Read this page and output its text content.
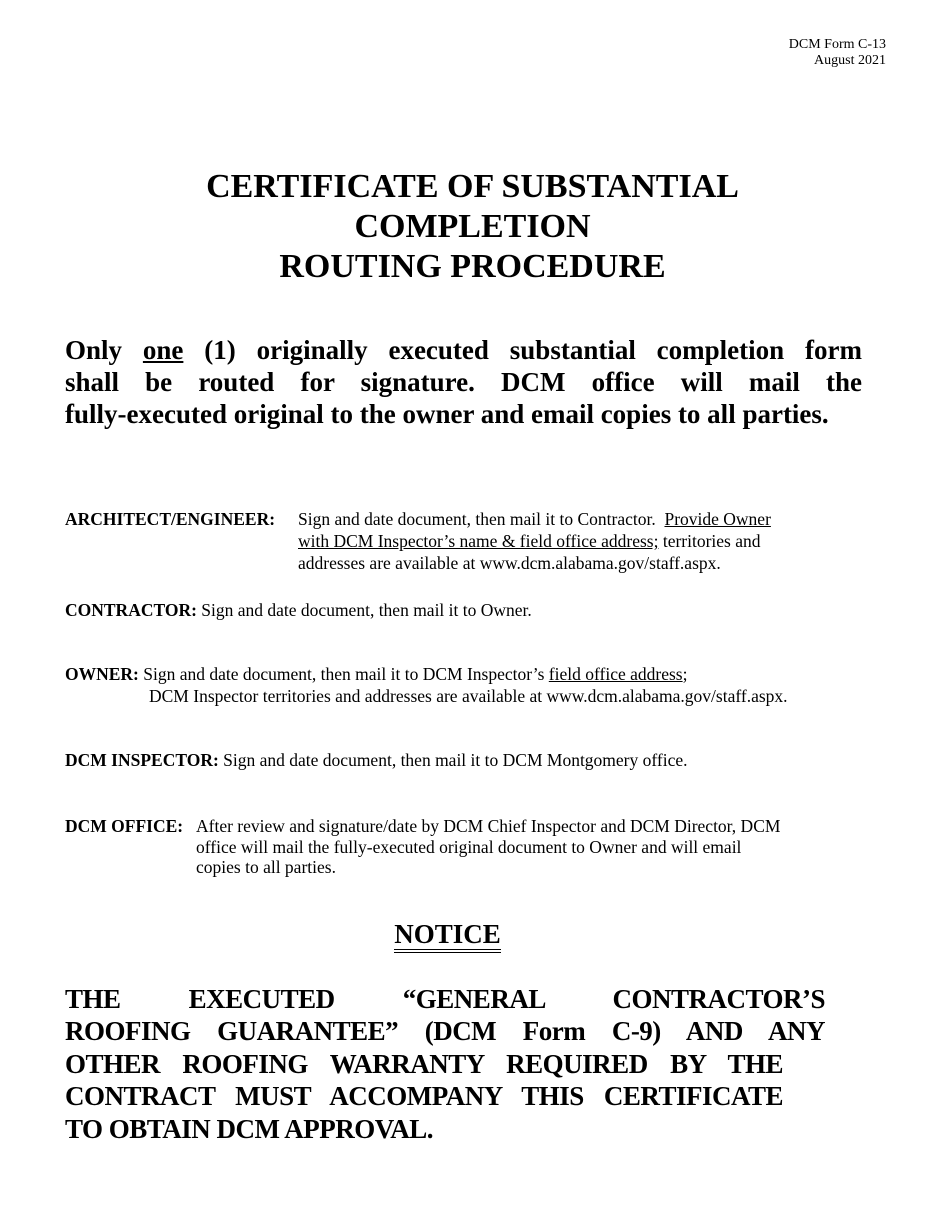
DCM Form C-13
August 2021
CERTIFICATE OF SUBSTANTIAL
COMPLETION
ROUTING PROCEDURE
Only one (1) originally executed substantial completion form
shall be routed for signature. DCM office will mail the
fully-executed original to the owner and email copies to all parties.
ARCHITECT/ENGINEER: Sign and date document, then mail it to Contractor. Provide Owner
with DCM Inspector’s name & field office address; territories and
addresses are available at www.dcm.alabama.gov/staff.aspx.
CONTRACTOR: Sign and date document, then mail it to Owner.
OWNER: Sign and date document, then mail it to DCM Inspector’s field office address;
DCM Inspector territories and addresses are available at www.dcm.alabama.gov/staff.aspx.
DCM INSPECTOR: Sign and date document, then mail it to DCM Montgomery office.
DCM OFFICE: After review and signature/date by DCM Chief Inspector and DCM Director, DCM
office will mail the fully-executed original document to Owner and will email
copies to all parties.
NOTICE
THE EXECUTED “GENERAL CONTRACTOR’S
ROOFING GUARANTEE” (DCM Form C-9) AND ANY
OTHER ROOFING WARRANTY REQUIRED BY THE
CONTRACT MUST ACCOMPANY THIS CERTIFICATE
TO OBTAIN DCM APPROVAL.
